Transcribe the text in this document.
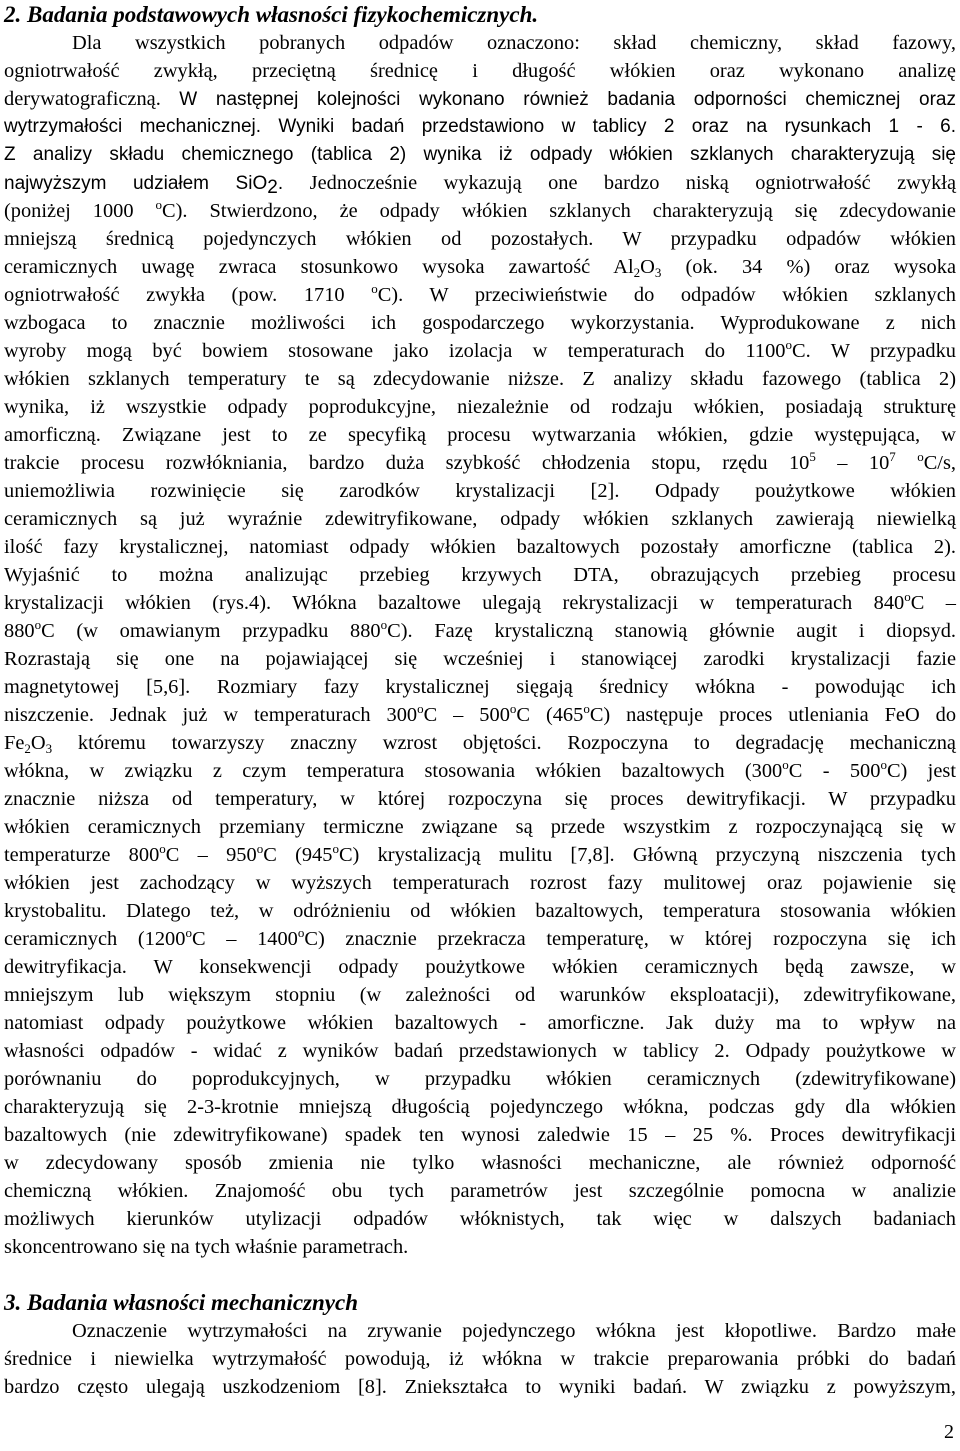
2. Badania podstawowych własności fizykochemicznych.
Dla wszystkich pobranych odpadów oznaczono: skład chemiczny, skład fazowy,
ogniotrwałość zwykłą, przeciętną średnicę i długość włókien oraz wykonano analizę
derywatograficzną. W następnej kolejności wykonano również badania odporności chemicznej oraz
wytrzymałości mechanicznej. Wyniki badań przedstawiono w tablicy 2 oraz na rysunkach 1 - 6.
Z analizy składu chemicznego (tablica 2) wynika iż odpady włókien szklanych charakteryzują się
najwyższym udziałem SiO$_2$. Jednocześnie wykazują one bardzo niską ogniotrwałość zwykłą
(poniżej 1000 $^o$C). Stwierdzono, że odpady włókien szklanych charakteryzują się zdecydowanie
mniejszą średnicą pojedynczych włókien od pozostałych. W przypadku odpadów włókien
ceramicznych uwagę zwraca stosunkowo wysoka zawartość $Al_2O_3$ (ok. 34 %) oraz wysoka
ogniotrwałość zwykła (pow. 1710 $^o$C). W przeciwieństwie do odpadów włókien szklanych
wzbogaca to znacznie możliwości ich gospodarczego wykorzystania. Wyprodukowane z nich
wyroby mogą być bowiem stosowane jako izolacja w temperaturach do 1100$^o$C. W przypadku
włókien szklanych temperatury te są zdecydowanie niższe. Z analizy składu fazowego (tablica 2)
wynika, iż wszystkie odpady poprodukcyjne, niezależnie od rodzaju włókien, posiadają strukturę
amorficzną. Związane jest to ze specyfiką procesu wytwarzania włókien, gdzie występująca, w
trakcie procesu rozwłókniania, bardzo duża szybkość chłodzenia stopu, rzędu $10^5 - 10^7$ $^o$C/s,
uniemożliwia rozwinięcie się zarodków krystalizacji [2]. Odpady poużytkowe włókien
ceramicznych są już wyraźnie zdewitryfikowane, odpady włókien szklanych zawierają niewielką
ilość fazy krystalicznej, natomiast odpady włókien bazaltowych pozostały amorficzne (tablica 2).
Wyjaśnić to można analizując przebieg krzywych DTA, obrazujących przebieg procesu
krystalizacji włókien (rys.4). Włókna bazaltowe ulegają rekrystalizacji w temperaturach 840$^o$C –
880$^o$C (w omawianym przypadku 880$^o$C). Fazę krystaliczną stanowią głównie augit i diopsyd.
Rozrastają się one na pojawiającej się wcześniej i stanowiącej zarodki krystalizacji fazie
magnetytowej [5,6]. Rozmiary fazy krystalicznej sięgają średnicy włókna - powodując ich
niszczenie. Jednak już w temperaturach 300$^o$C – 500$^o$C (465$^o$C) następuje proces utleniania FeO do
$Fe_2O_3$ któremu towarzyszy znaczny wzrost objętości. Rozpoczyna to degradację mechaniczną
włókna, w związku z czym temperatura stosowania włókien bazaltowych (300$^o$C - 500$^o$C) jest
znacznie niższa od temperatury, w której rozpoczyna się proces dewitryfikacji. W przypadku
włókien ceramicznych przemiany termiczne związane są przede wszystkim z rozpoczynającą się w
temperaturze 800$^o$C – 950$^o$C (945$^o$C) krystalizacją mulitu [7,8]. Główną przyczyną niszczenia tych
włókien jest zachodzący w wyższych temperaturach rozrost fazy mulitowej oraz pojawienie się
krystobalitu. Dlatego też, w odróżnieniu od włókien bazaltowych, temperatura stosowania włókien
ceramicznych (1200$^o$C – 1400$^o$C) znacznie przekracza temperaturę, w której rozpoczyna się ich
dewitryfikacja. W konsekwencji odpady poużytkowe włókien ceramicznych będą zawsze, w
mniejszym lub większym stopniu (w zależności od warunków eksploatacji), zdewitryfikowane,
natomiast odpady poużytkowe włókien bazaltowych - amorficzne. Jak duży ma to wpływ na
własności odpadów - widać z wyników badań przedstawionych w tablicy 2. Odpady poużytkowe w
porównaniu do poprodukcyjnych, w przypadku włókien ceramicznych (zdewitryfikowane)
charakteryzują się 2-3-krotnie mniejszą długością pojedynczego włókna, podczas gdy dla włókien
bazaltowych (nie zdewitryfikowane) spadek ten wynosi zaledwie 15 – 25 %. Proces dewitryfikacji
w zdecydowany sposób zmienia nie tylko własności mechaniczne, ale również odporność
chemiczną włókien. Znajomość obu tych parametrów jest szczególnie pomocna w analizie
możliwych kierunków utylizacji odpadów włóknistych, tak więc w dalszych badaniach
skoncentrowano się na tych właśnie parametrach.
3. Badania własności mechanicznych
Oznaczenie wytrzymałości na zrywanie pojedynczego włókna jest kłopotliwe. Bardzo małe
średnice i niewielka wytrzymałość powodują, iż włókna w trakcie preparowania próbki do badań
bardzo często ulegają uszkodzeniom [8]. Zniekształca to wyniki badań. W związku z powyższym,
2
